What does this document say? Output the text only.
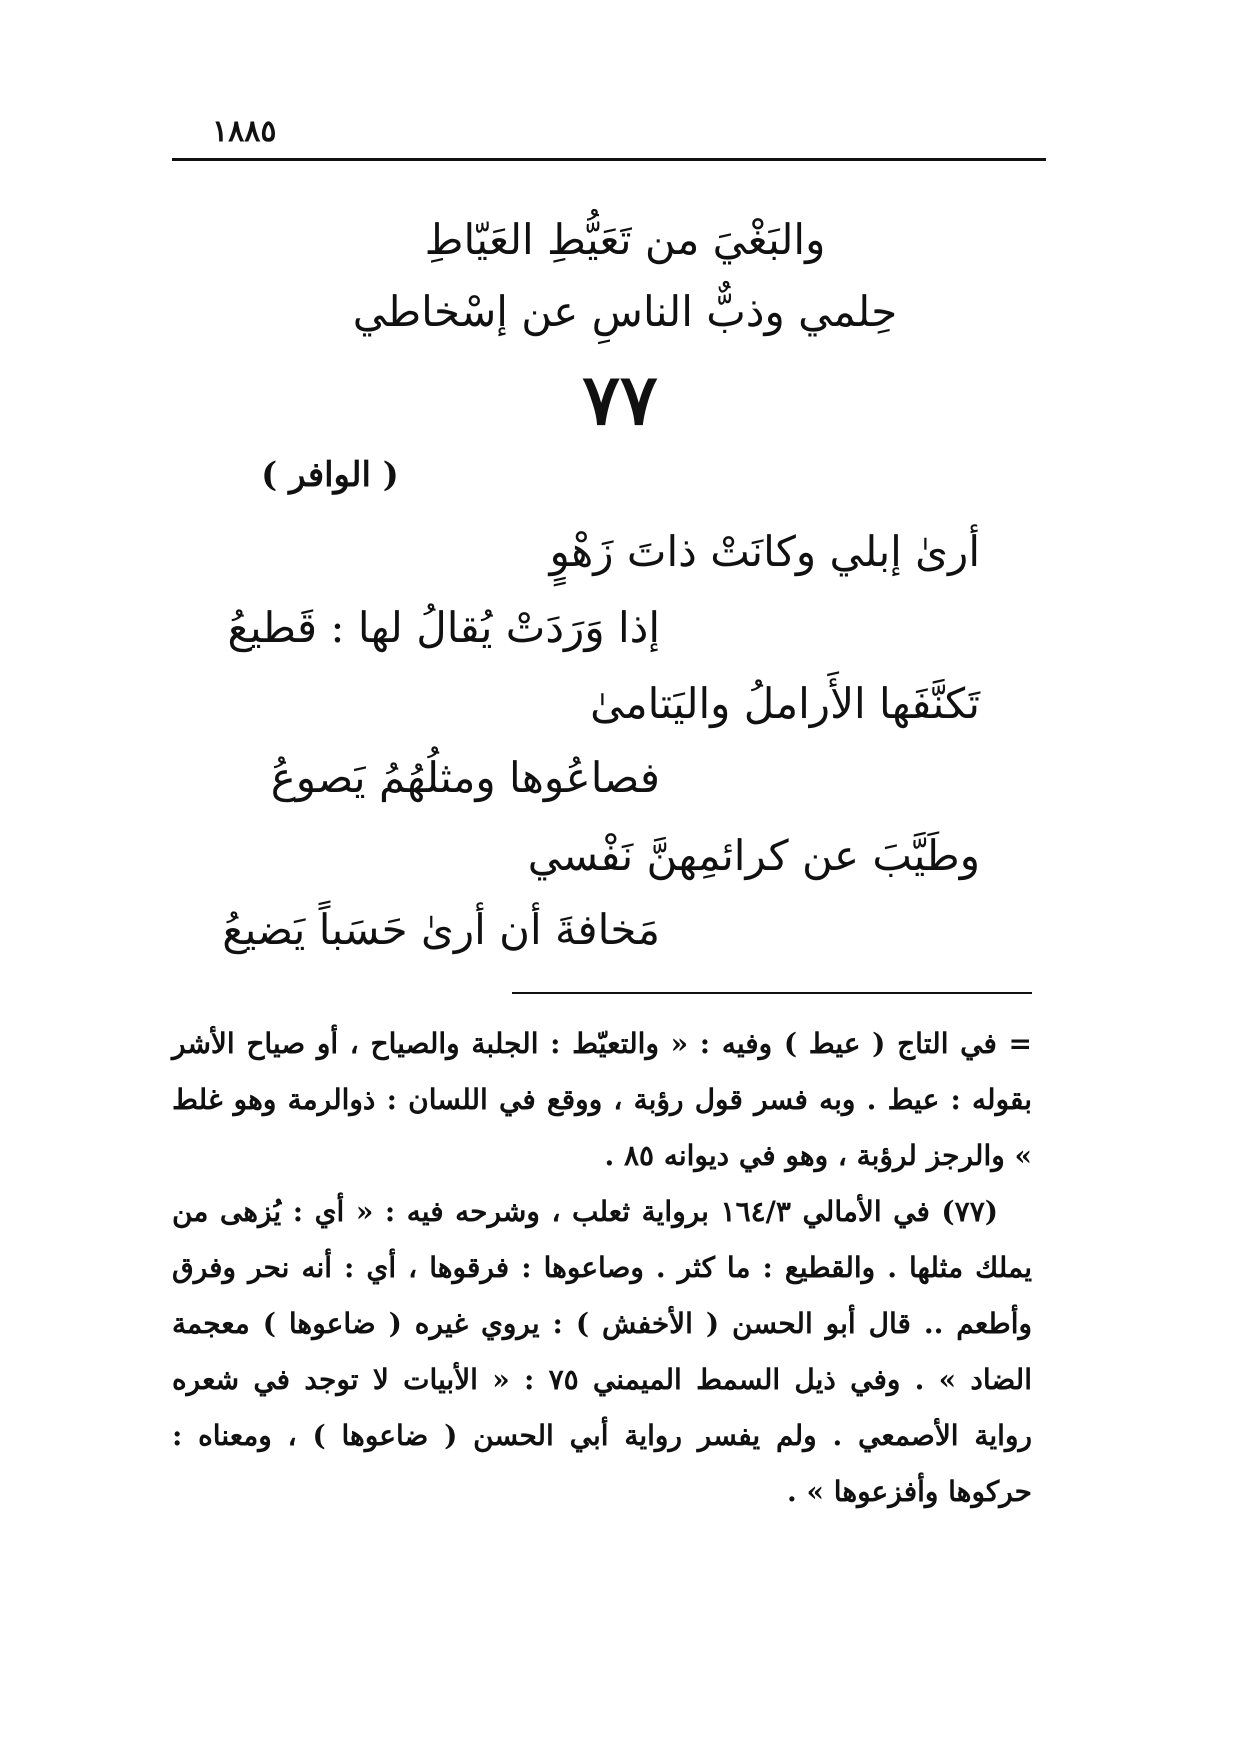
١٨٨٥
والبَغْيَ من تَعَيُّطِ العَيّاطِ
حِلمي وذبٌّ الناسِ عن إسْخاطي
٧٧
( الوافر )
أرىٰ إبلي وكانَتْ ذاتَ زَهْوٍ
إذا وَرَدَتْ يُقالُ لها : قَطيعُ
تَكنَّفَها الأَراملُ واليَتامىٰ
فصاعُوها ومثلُهُمُ يَصوعُ
وطَيَّبَ عن كرائمِهنَّ نَفْسي
مَخافةَ أن أرىٰ حَسَباً يَضيعُ

= في التاج ( عيط ) وفيه : « والتعيّط : الجلبة والصياح ، أو صياح الأشر بقوله : عيط . وبه فسر قول رؤبة ، ووقع في اللسان : ذوالرمة وهو غلط » والرجز لرؤبة ، وهو في ديوانه ٨٥ .

(٧٧) في الأمالي ١٦٤/٣ برواية ثعلب ، وشرحه فيه : « أي : يُزهى من يملك مثلها . والقطيع : ما كثر . وصاعوها : فرقوها ، أي : أنه نحر وفرق وأطعم .. قال أبو الحسن ( الأخفش ) : يروي غيره ( ضاعوها ) معجمة الضاد » . وفي ذيل السمط الميمني ٧٥ : « الأبيات لا توجد في شعره رواية الأصمعي . ولم يفسر رواية أبي الحسن ( ضاعوها ) ، ومعناه : حركوها وأفزعوها » .
